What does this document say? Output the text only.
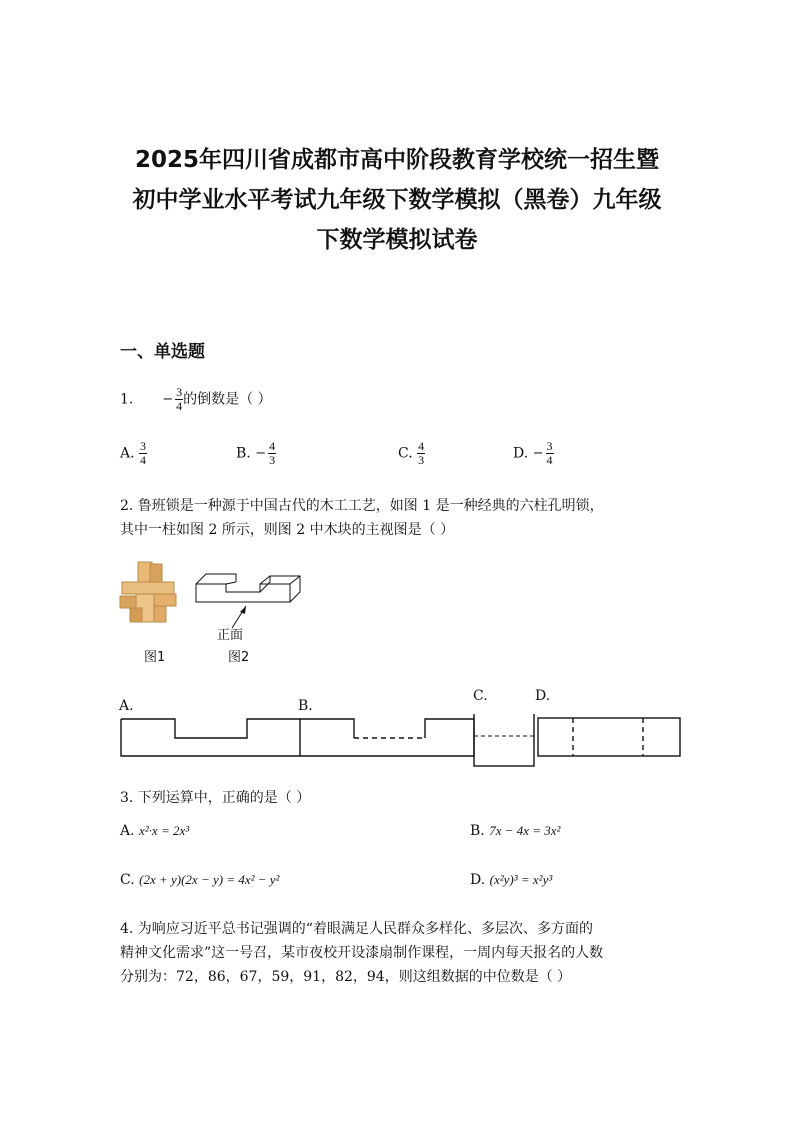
2025年四川省成都市高中阶段教育学校统一招生暨
初中学业水平考试九年级下数学模拟（黑卷）九年级
下数学模拟试卷
一、单选题
1. − $\frac{3}{4}$ 的倒数是（ ）
A. $\frac{3}{4}$	B. − $\frac{4}{3}$	C. $\frac{4}{3}$	D. − $\frac{3}{4}$
2. 鲁班锁是一种源于中国古代的木工工艺，如图 1 是一种经典的六柱孔明锁，
其中一柱如图 2 所示，则图 2 中木块的主视图是（ ）
正面
图1	图2
A.	B.
C.	D.
3. 下列运算中，正确的是（ ）
A. x²·x = 2x³	B. 7x − 4x = 3x²
C. (2x + y)(2x − y) = 4x² − y²	D. (x²y)³ = x²y³
4. 为响应习近平总书记强调的“着眼满足人民群众多样化、多层次、多方面的
精神文化需求”这一号召，某市夜校开设漆扇制作课程，一周内每天报名的人数
分别为：72，86，67，59，91，82，94，则这组数据的中位数是（ ）
